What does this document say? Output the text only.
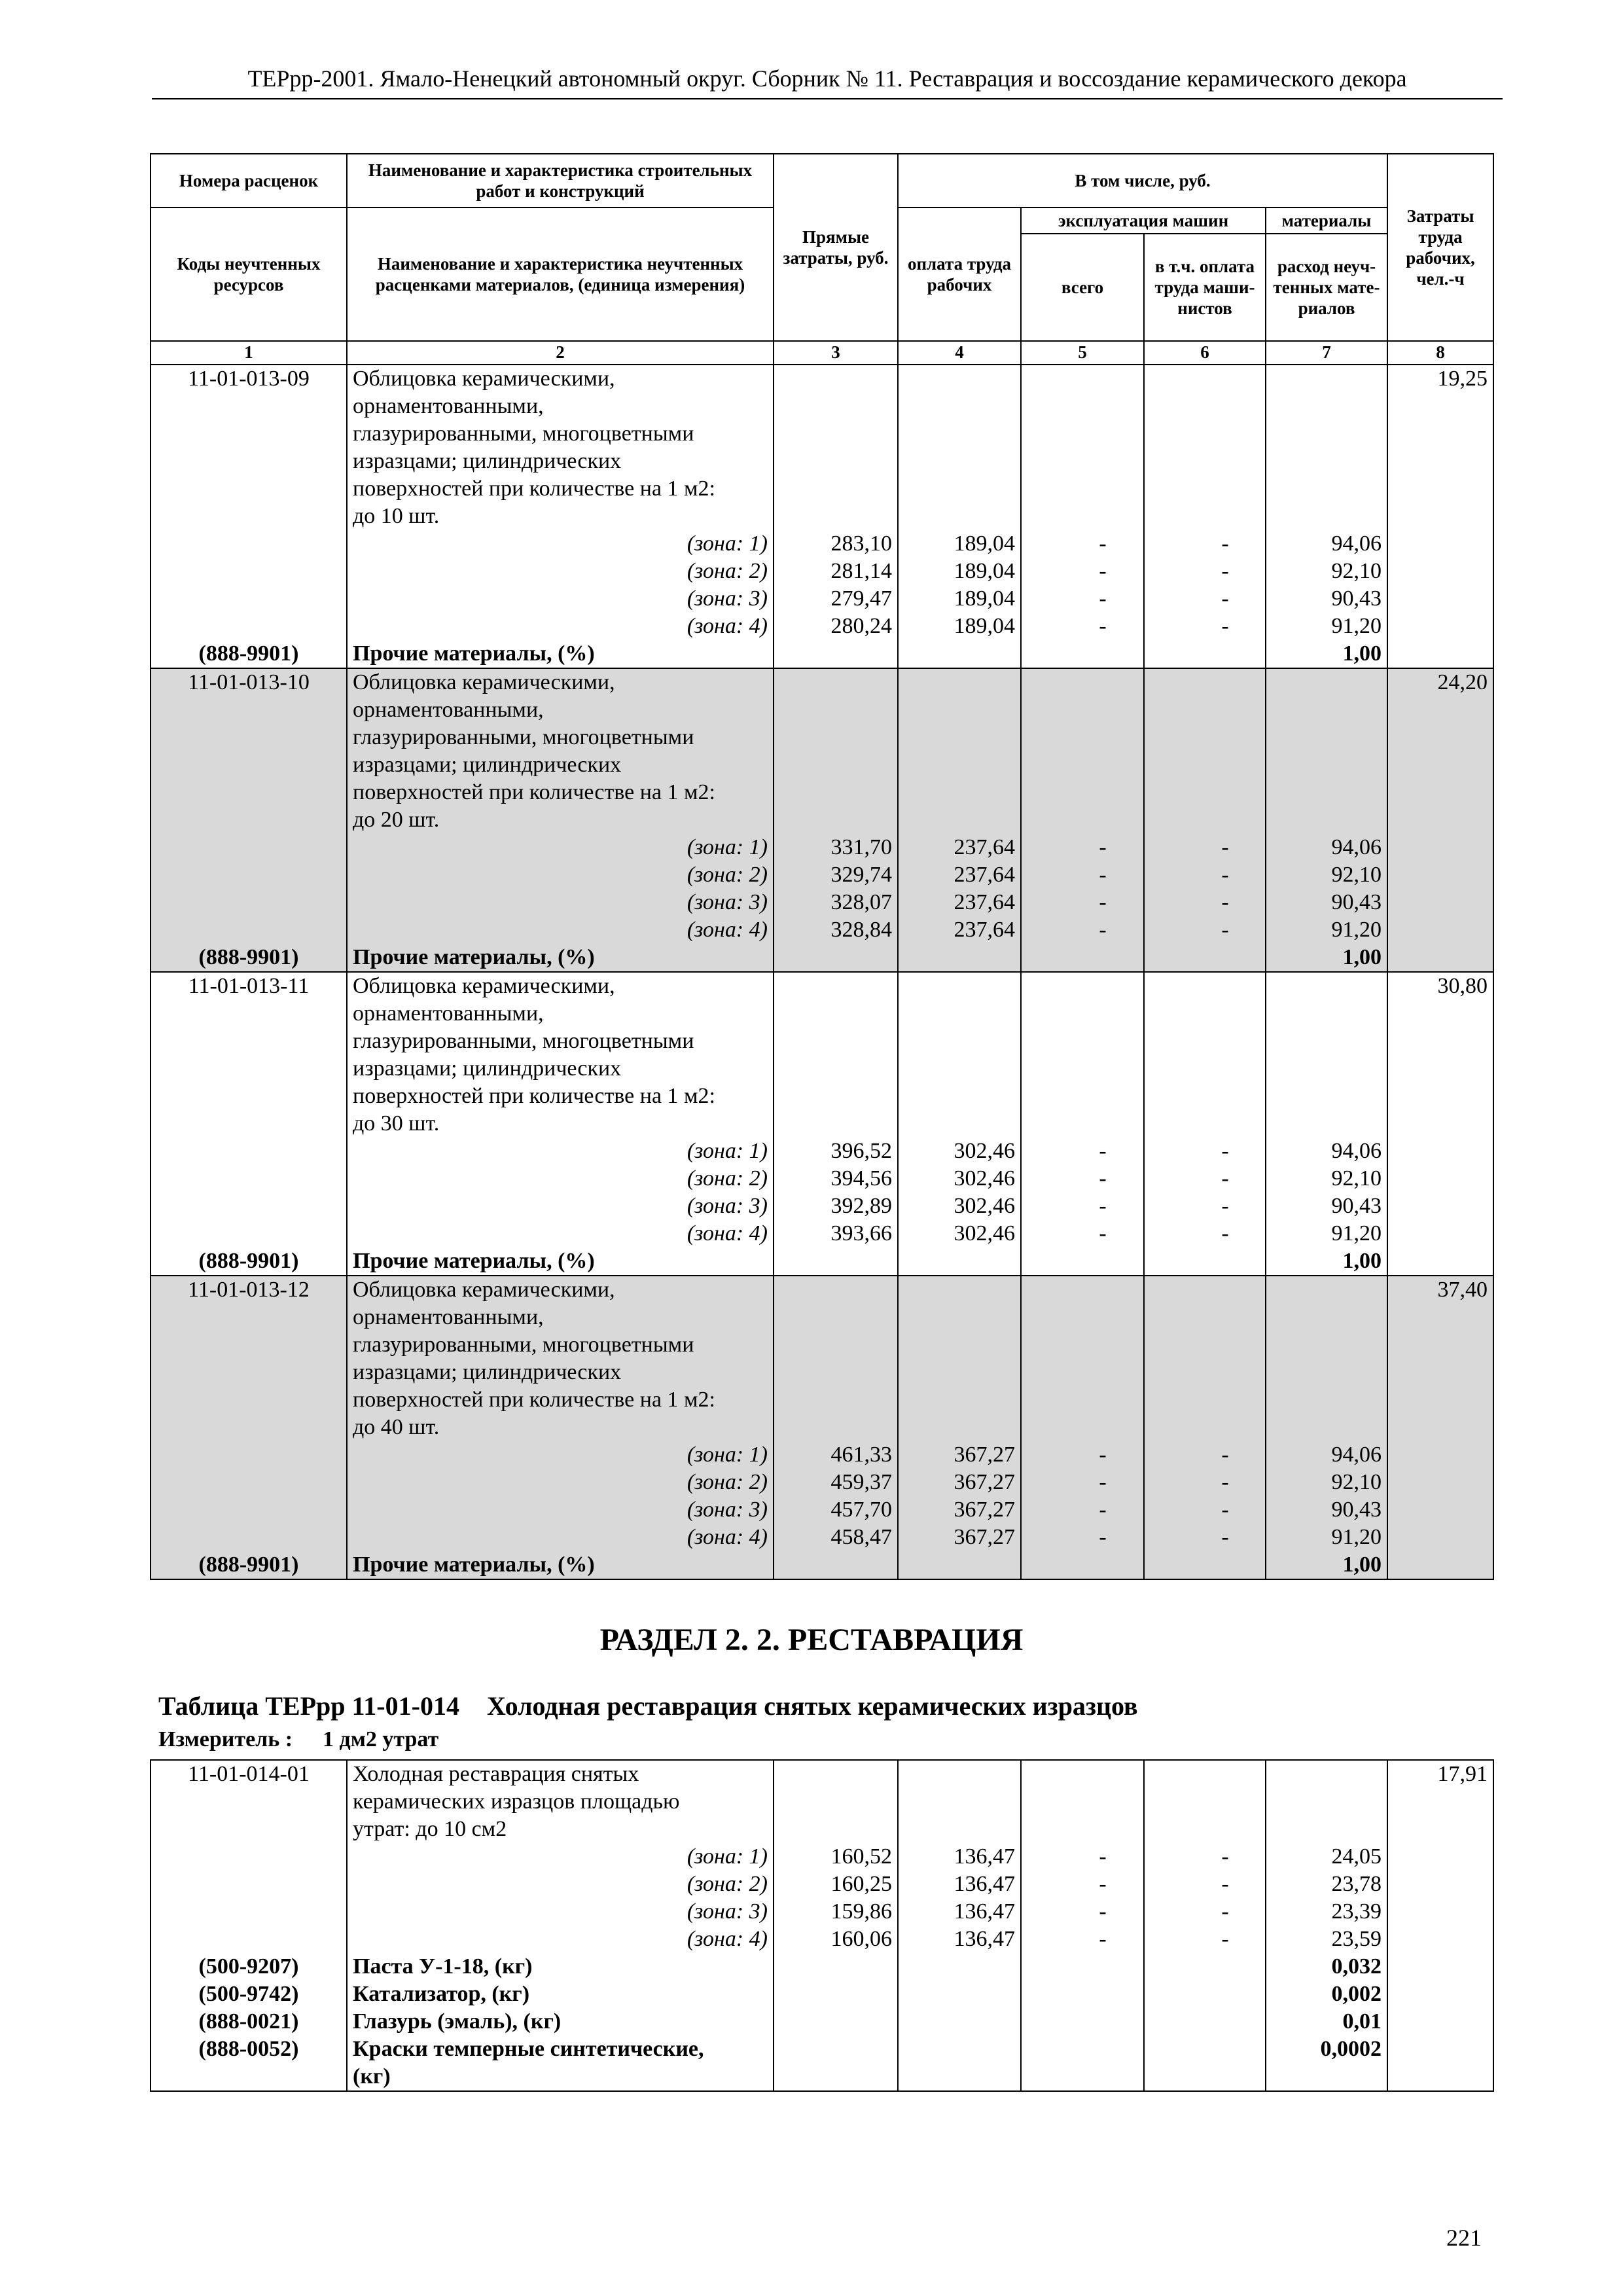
ТЕРрр-2001. Ямало-Ненецкий автономный округ. Сборник № 11. Реставрация и воссоздание керамического декора
Номера расценок	Наименование и характеристика строительных работ и конструкций	Прямые затраты, руб.	В том числе, руб.				Затраты труда рабочих, чел.-ч
Коды неучтенных ресурсов	Наименование и характеристика неучтенных расценками материалов, (единица измерения)		оплата труда рабочих	эксплуатация машин		материалы	
				всего	в т.ч. оплата труда маши-нистов	расход неуч-тенных мате-риалов	
1	2	3	4	5	6	7	8
11-01-013-09	Облицовка керамическими,						19,25
	орнаментованными,						
	глазурированными, многоцветными						
	изразцами; цилиндрических						
	поверхностей при количестве на 1 м2:						
	до 10 шт.						
	(зона: 1)	283,10	189,04	-	-	94,06	
	(зона: 2)	281,14	189,04	-	-	92,10	
	(зона: 3)	279,47	189,04	-	-	90,43	
	(зона: 4)	280,24	189,04	-	-	91,20	
(888-9901)	Прочие материалы, (%)					1,00	
11-01-013-10	Облицовка керамическими,						24,20
	орнаментованными,						
	глазурированными, многоцветными						
	изразцами; цилиндрических						
	поверхностей при количестве на 1 м2:						
	до 20 шт.						
	(зона: 1)	331,70	237,64	-	-	94,06	
	(зона: 2)	329,74	237,64	-	-	92,10	
	(зона: 3)	328,07	237,64	-	-	90,43	
	(зона: 4)	328,84	237,64	-	-	91,20	
(888-9901)	Прочие материалы, (%)					1,00	
11-01-013-11	Облицовка керамическими,						30,80
	орнаментованными,						
	глазурированными, многоцветными						
	изразцами; цилиндрических						
	поверхностей при количестве на 1 м2:						
	до 30 шт.						
	(зона: 1)	396,52	302,46	-	-	94,06	
	(зона: 2)	394,56	302,46	-	-	92,10	
	(зона: 3)	392,89	302,46	-	-	90,43	
	(зона: 4)	393,66	302,46	-	-	91,20	
(888-9901)	Прочие материалы, (%)					1,00	
11-01-013-12	Облицовка керамическими,						37,40
	орнаментованными,						
	глазурированными, многоцветными						
	изразцами; цилиндрических						
	поверхностей при количестве на 1 м2:						
	до 40 шт.						
	(зона: 1)	461,33	367,27	-	-	94,06	
	(зона: 2)	459,37	367,27	-	-	92,10	
	(зона: 3)	457,70	367,27	-	-	90,43	
	(зона: 4)	458,47	367,27	-	-	91,20	
(888-9901)	Прочие материалы, (%)					1,00	
РАЗДЕЛ 2. 2. РЕСТАВРАЦИЯ
Таблица ТЕРрр 11-01-014 Холодная реставрация снятых керамических изразцов
Измеритель : 1 дм2 утрат
11-01-014-01	Холодная реставрация снятых						17,91
	керамических изразцов площадью						
	утрат: до 10 см2						
	(зона: 1)	160,52	136,47	-	-	24,05	
	(зона: 2)	160,25	136,47	-	-	23,78	
	(зона: 3)	159,86	136,47	-	-	23,39	
	(зона: 4)	160,06	136,47	-	-	23,59	
(500-9207)	Паста У-1-18, (кг)					0,032	
(500-9742)	Катализатор, (кг)					0,002	
(888-0021)	Глазурь (эмаль), (кг)					0,01	
(888-0052)	Краски темперные синтетические,					0,0002	
	(кг)						
221
